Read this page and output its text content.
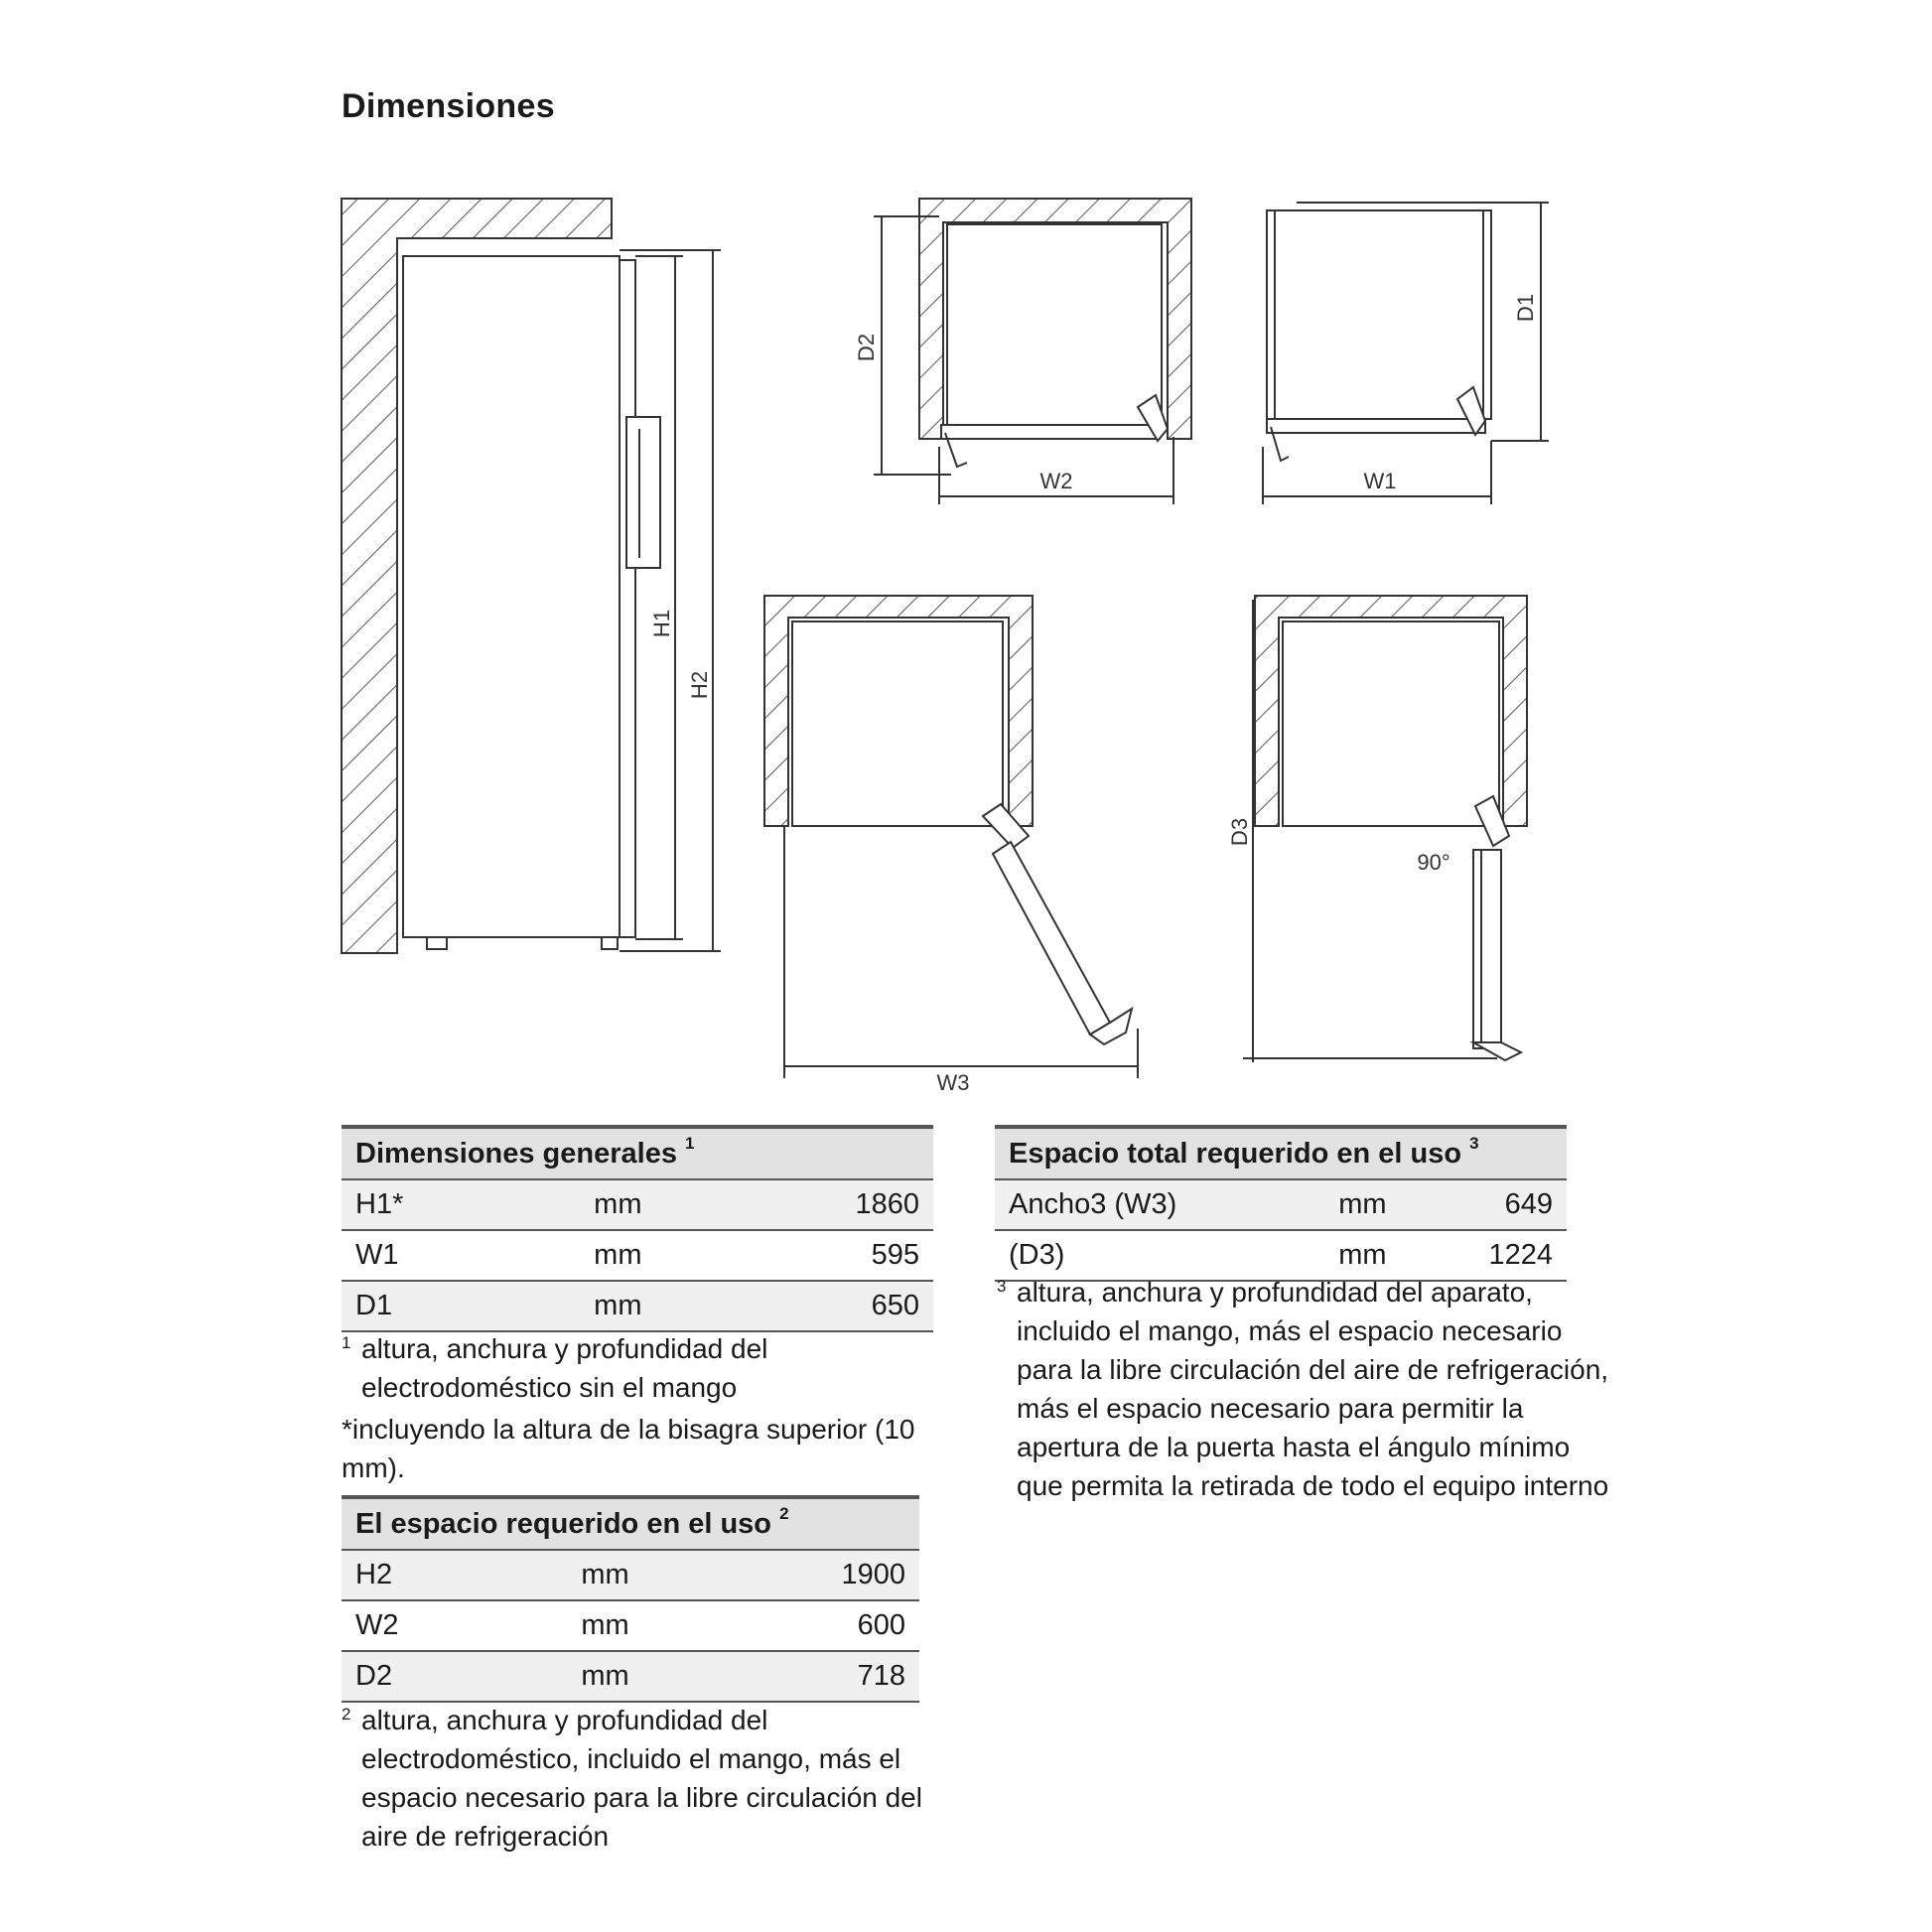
Dimensiones
H1
H2
D2
W2
D1
W1
W3
D3
90°
Dimensiones generales $^1$
H1*	mm	1860
W1	mm	595
D1	mm	650

1 altura, anchura y profundidad del electrodoméstico sin el mango

*incluyendo la altura de la bisagra superior (10 mm).

Espacio total requerido en el uso $^3$
Ancho3 (W3)	mm	649
(D3)	mm	1224

3 altura, anchura y profundidad del aparato, incluido el mango, más el espacio necesario para la libre circulación del aire de refrigeración, más el espacio necesario para permitir la apertura de la puerta hasta el ángulo mínimo que permita la retirada de todo el equipo interno

El espacio requerido en el uso $^2$
H2	mm	1900
W2	mm	600
D2	mm	718

2 altura, anchura y profundidad del electrodoméstico, incluido el mango, más el espacio necesario para la libre circulación del aire de refrigeración
